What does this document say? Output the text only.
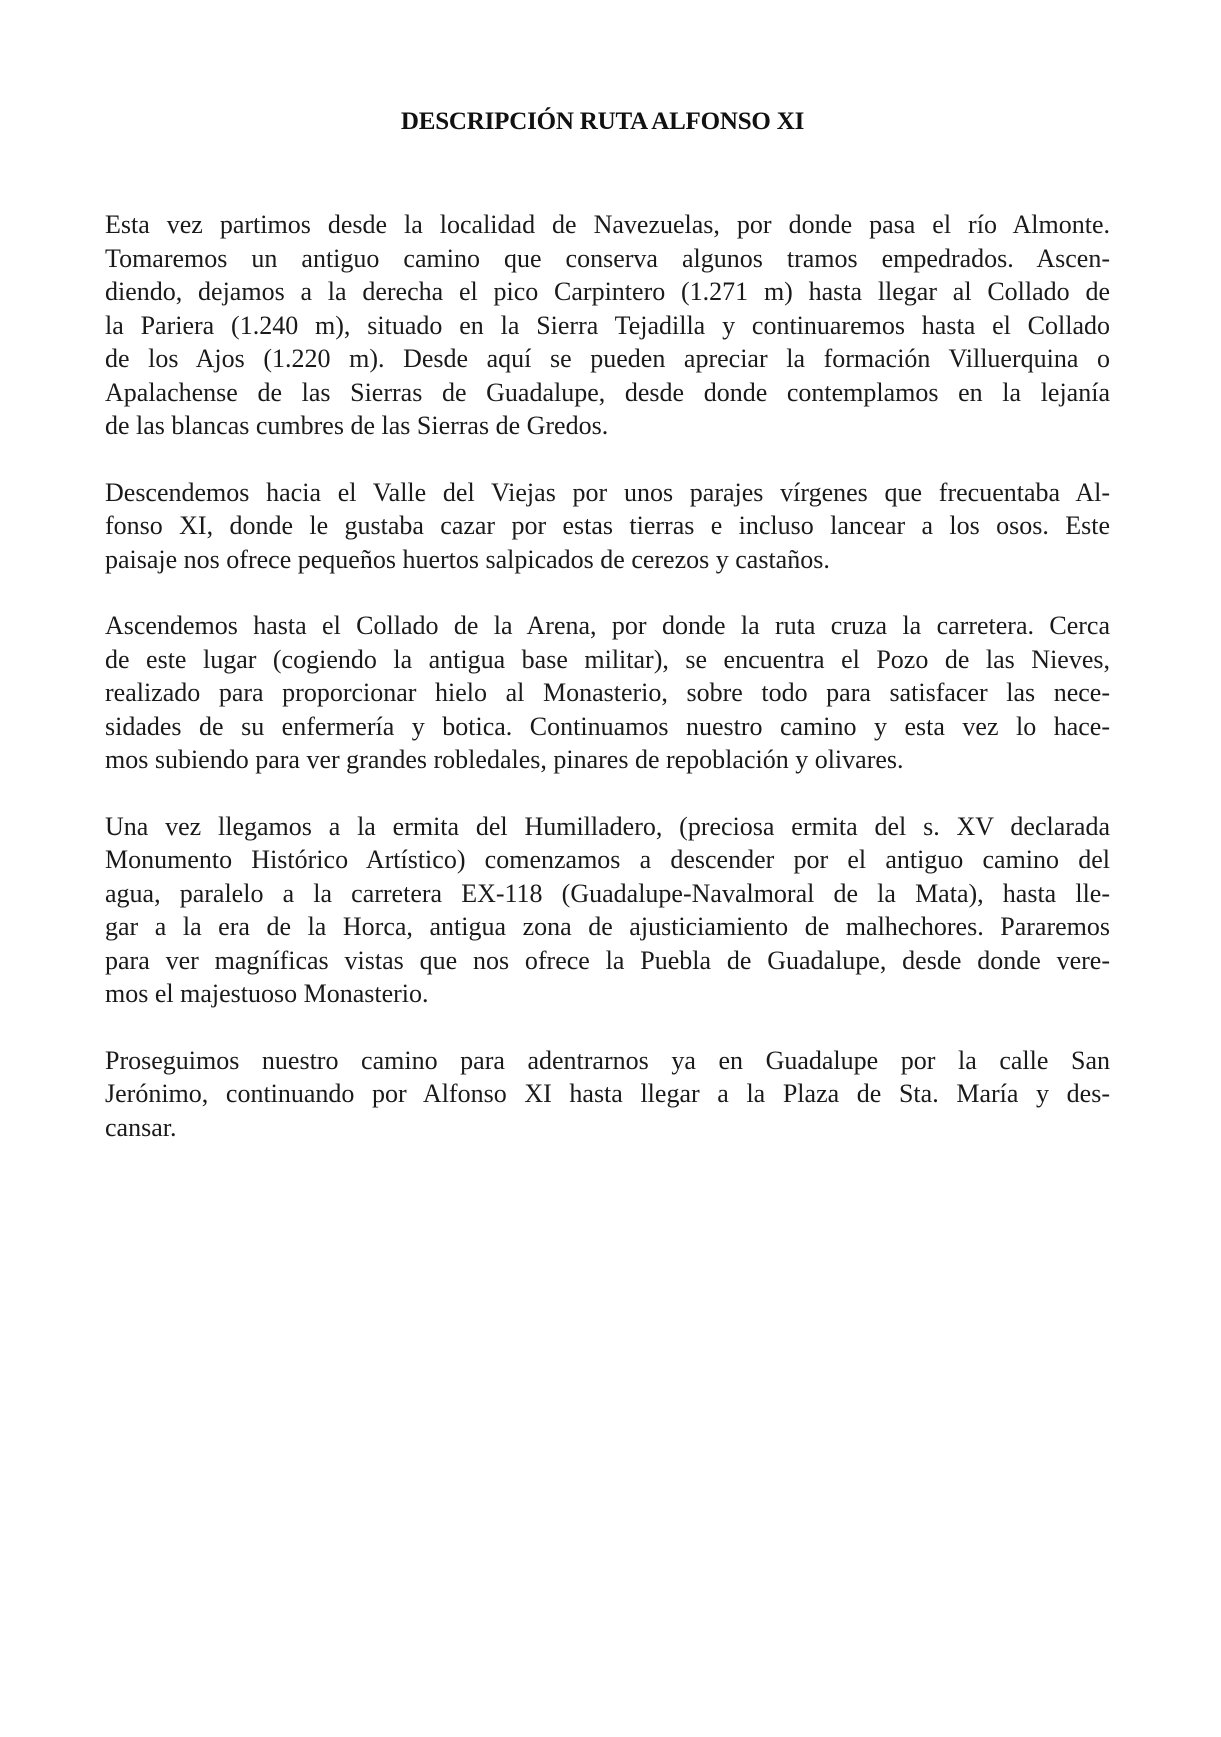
DESCRIPCIÓN RUTA ALFONSO XI

Esta vez partimos desde la localidad de Navezuelas, por donde pasa el río Almonte.
Tomaremos un antiguo camino que conserva algunos tramos empedrados. Ascen-
diendo, dejamos a la derecha el pico Carpintero (1.271 m) hasta llegar al Collado de
la Pariera (1.240 m), situado en la Sierra Tejadilla y continuaremos hasta el Collado
de los Ajos (1.220 m). Desde aquí se pueden apreciar la formación Villuerquina o
Apalachense de las Sierras de Guadalupe, desde donde contemplamos en la lejanía
de las blancas cumbres de las Sierras de Gredos.

Descendemos hacia el Valle del Viejas por unos parajes vírgenes que frecuentaba Al-
fonso XI, donde le gustaba cazar por estas tierras e incluso lancear a los osos. Este
paisaje nos ofrece pequeños huertos salpicados de cerezos y castaños.

Ascendemos hasta el Collado de la Arena, por donde la ruta cruza la carretera. Cerca
de este lugar (cogiendo la antigua base militar), se encuentra el Pozo de las Nieves,
realizado para proporcionar hielo al Monasterio, sobre todo para satisfacer las nece-
sidades de su enfermería y botica. Continuamos nuestro camino y esta vez lo hace-
mos subiendo para ver grandes robledales, pinares de repoblación y olivares.

Una vez llegamos a la ermita del Humilladero, (preciosa ermita del s. XV declarada
Monumento Histórico Artístico) comenzamos a descender por el antiguo camino del
agua, paralelo a la carretera EX-118 (Guadalupe-Navalmoral de la Mata), hasta lle-
gar a la era de la Horca, antigua zona de ajusticiamiento de malhechores. Pararemos
para ver magníficas vistas que nos ofrece la Puebla de Guadalupe, desde donde vere-
mos el majestuoso Monasterio.

Proseguimos nuestro camino para adentrarnos ya en Guadalupe por la calle San
Jerónimo, continuando por Alfonso XI hasta llegar a la Plaza de Sta. María y des-
cansar.
